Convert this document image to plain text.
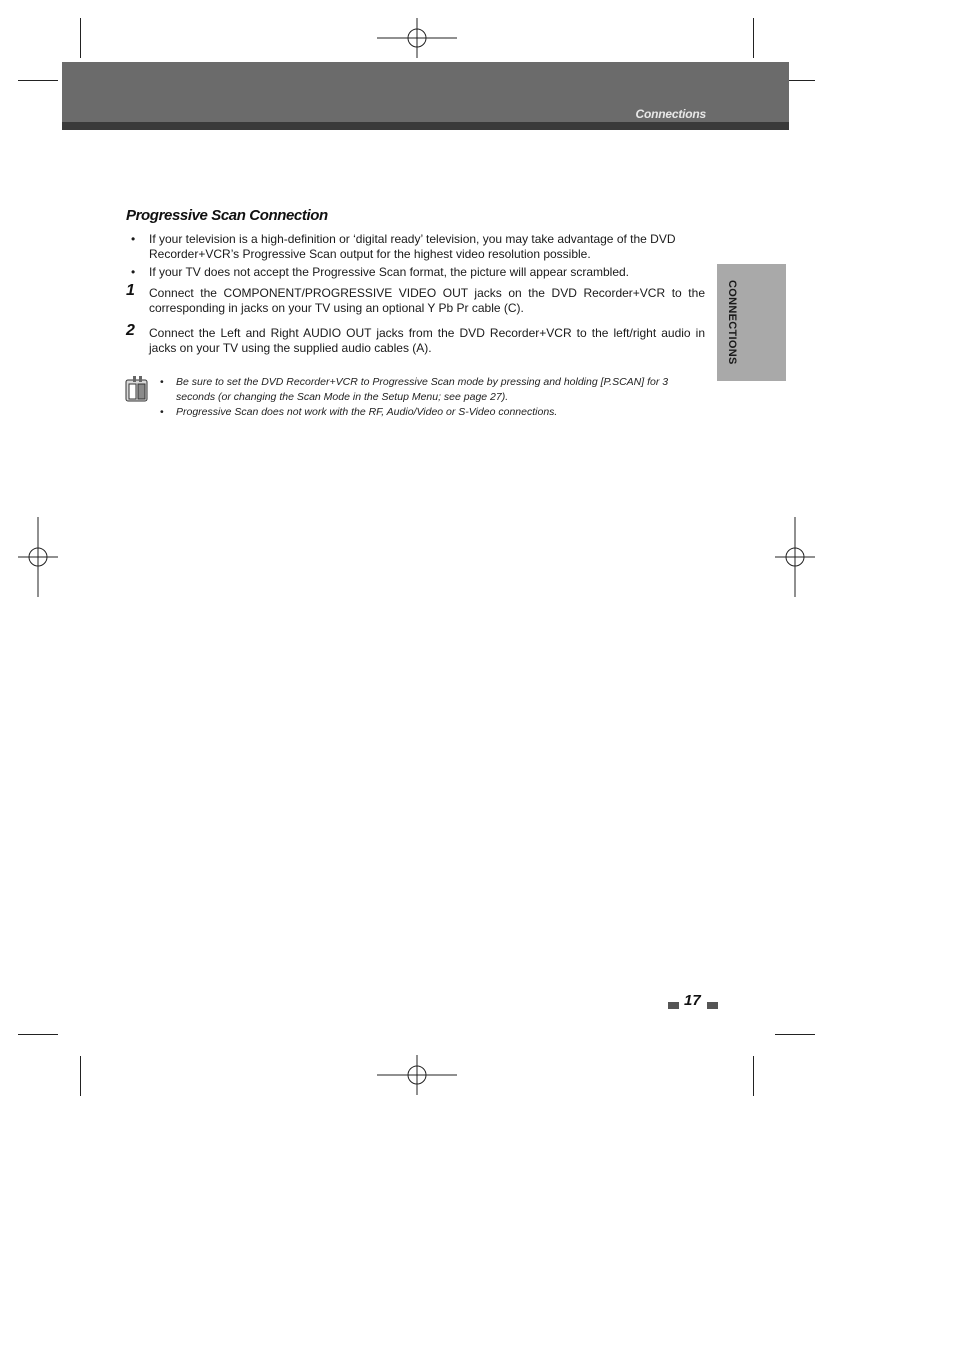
Connections
CONNECTIONS
Progressive Scan Connection
• If your television is a high-definition or ‘digital ready’ television, you may take advantage of the DVD Recorder+VCR’s Progressive Scan output for the highest video resolution possible.
• If your TV does not accept the Progressive Scan format, the picture will appear scrambled.
1 Connect the COMPONENT/PROGRESSIVE VIDEO OUT jacks on the DVD Recorder+VCR to the corresponding in jacks on your TV using an optional Y Pb Pr cable (C).
2 Connect the Left and Right AUDIO OUT jacks from the DVD Recorder+VCR to the left/right audio in jacks on your TV using the supplied audio cables (A).
• Be sure to set the DVD Recorder+VCR to Progressive Scan mode by pressing and holding [P.SCAN] for 3 seconds (or changing the Scan Mode in the Setup Menu; see page 27).
• Progressive Scan does not work with the RF, Audio/Video or S-Video connections.
17
